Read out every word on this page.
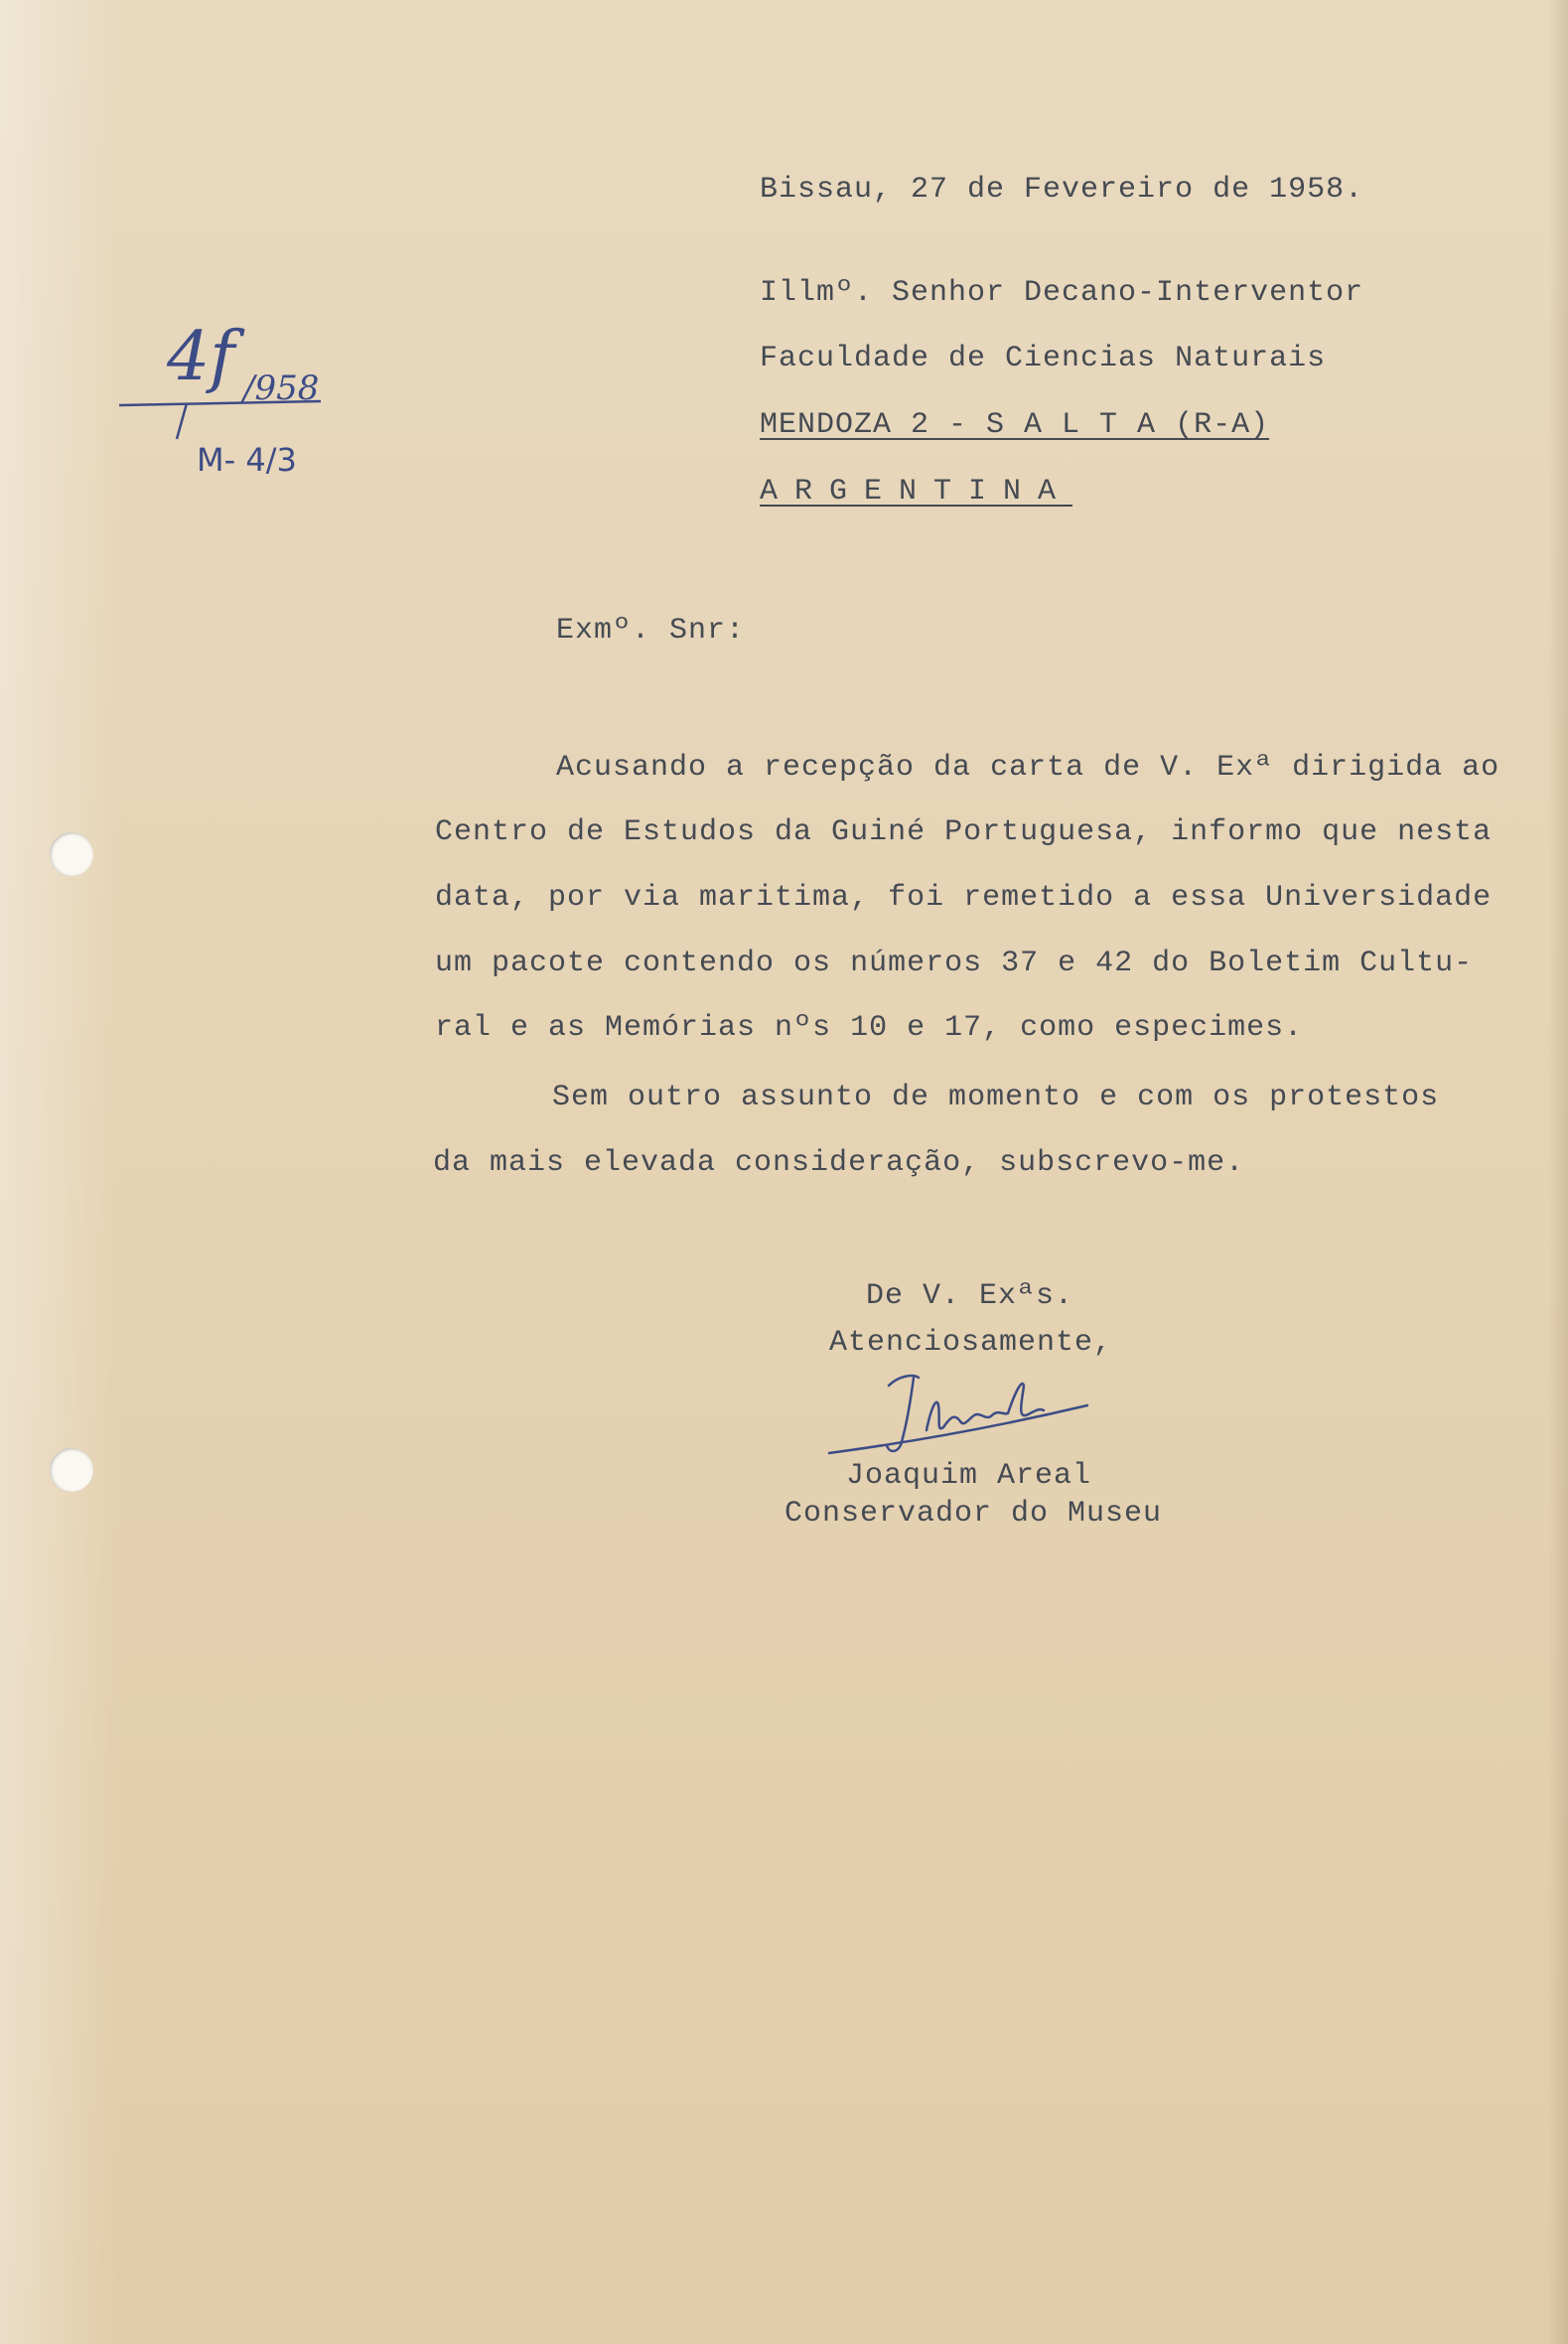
4f /958
M- 4/3
Bissau, 27 de Fevereiro de 1958.
Illmº. Senhor Decano-Interventor
Faculdade de Ciencias Naturais
MENDOZA 2 - S A L T A (R-A)
ARGENTINA
Exmº. Snr:
Acusando a recepção da carta de V. Exª dirigida ao
Centro de Estudos da Guiné Portuguesa, informo que nesta
data, por via maritima, foi remetido a essa Universidade
um pacote contendo os números 37 e 42 do Boletim Cultu-
ral e as Memórias nºs 10 e 17, como especimes.
Sem outro assunto de momento e com os protestos
da mais elevada consideração, subscrevo-me.
De V. Exªs.
Atenciosamente,
Joaquim Areal
Conservador do Museu
